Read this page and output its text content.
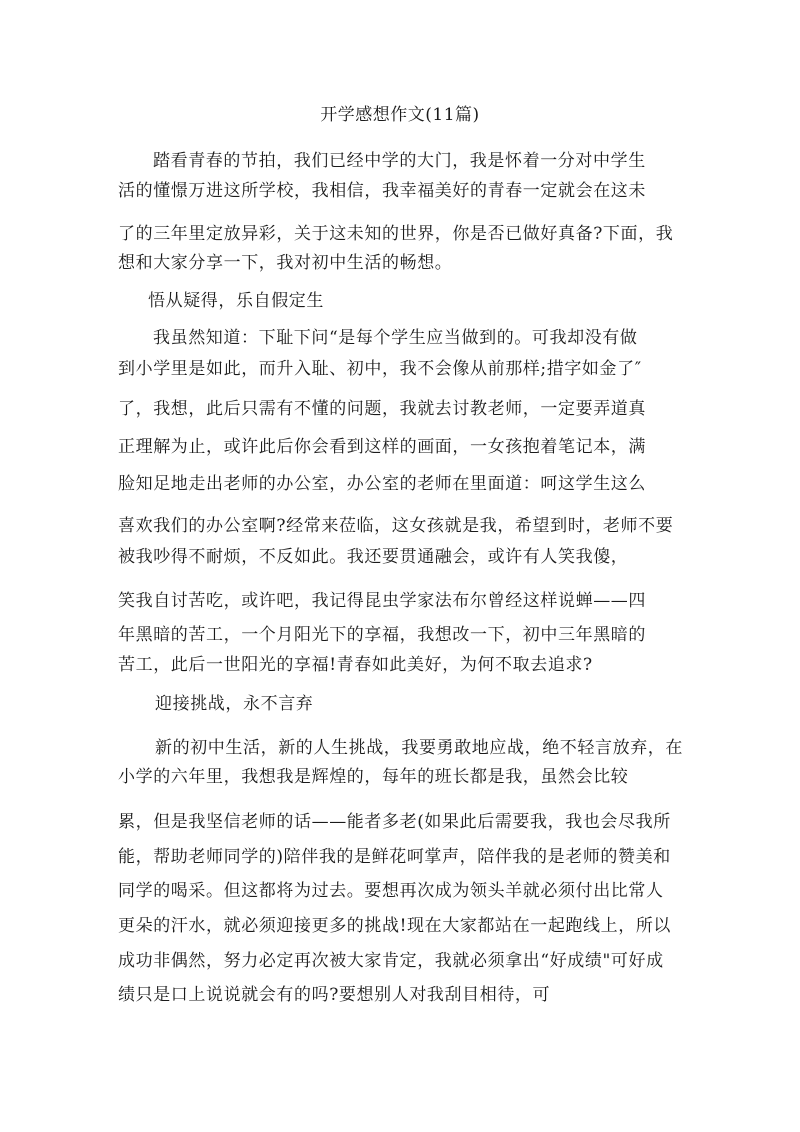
开学感想作文(11篇)
踏看青春的节拍，我们已经中学的大门，我是怀着一分对中学生
活的懂憬万进这所学校，我相信，我幸福美好的青春一定就会在这未
了的三年里定放异彩，关于这未知的世界，你是否已做好真备?下面，我
想和大家分享一下，我对初中生活的畅想。
悟从疑得，乐自假定生
我虽然知道：下耻下问“是每个学生应当做到的。可我却没有做
到小学里是如此，而升入耻、初中，我不会像从前那样;措字如金了″
了，我想，此后只需有不懂的问题，我就去讨教老师，一定要弄道真
正理解为止，或许此后你会看到这样的画面，一女孩抱着笔记本，满
脸知足地走出老师的办公室，办公室的老师在里面道：呵这学生这么
喜欢我们的办公室啊?经常来莅临，这女孩就是我，希望到时，老师不要
被我吵得不耐烦，不反如此。我还要贯通融会，或许有人笑我傻，
笑我自讨苦吃，或许吧，我记得昆虫学家法布尔曾经这样说蝉——四
年黑暗的苦工，一个月阳光下的享福，我想改一下，初中三年黑暗的
苦工，此后一世阳光的享福!青春如此美好，为何不取去追求?
迎接挑战，永不言弃
新的初中生活，新的人生挑战，我要勇敢地应战，绝不轻言放弃，在
小学的六年里，我想我是辉煌的，每年的班长都是我，虽然会比较
累，但是我坚信老师的话——能者多老(如果此后需要我，我也会尽我所
能，帮助老师同学的)陪伴我的是鲜花呵掌声，陪伴我的是老师的赞美和
同学的喝采。但这都将为过去。要想再次成为领头羊就必须付出比常人
更朵的汗水，就必须迎接更多的挑战!现在大家都站在一起跑线上，所以
成功非偶然，努力必定再次被大家肯定，我就必须拿出“好成绩"可好成
绩只是口上说说就会有的吗?要想别人对我刮目相待，可
